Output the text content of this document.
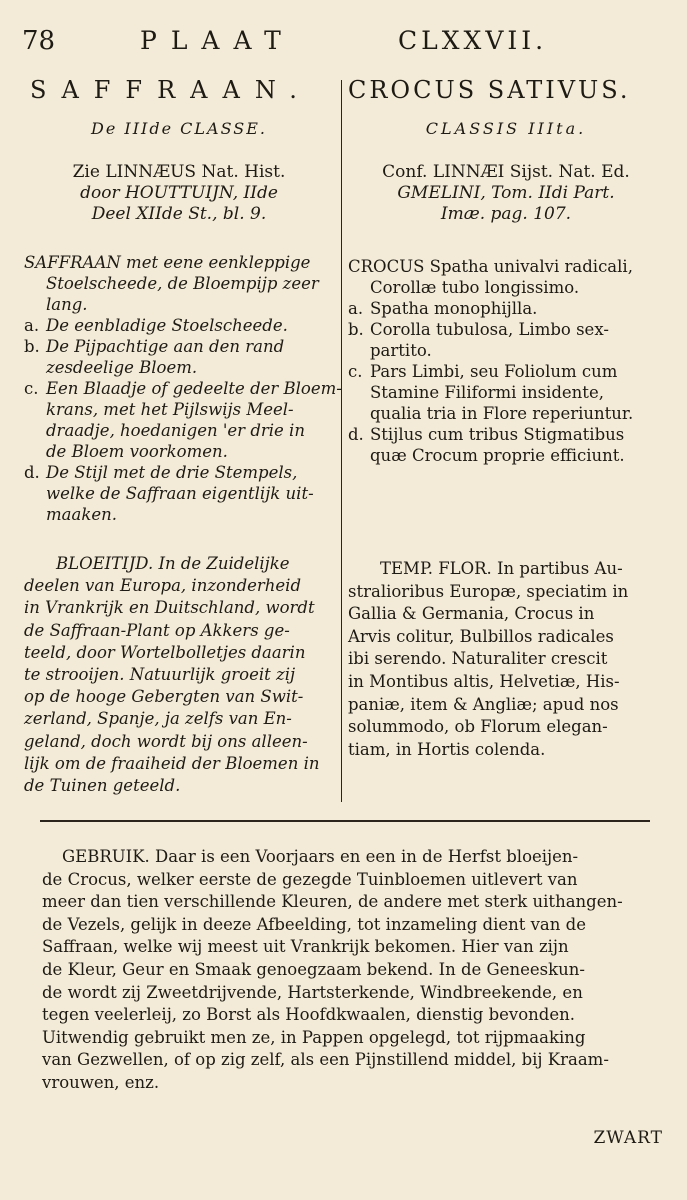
78	PLAAT	CLXXVII.
SAFFRAAN. CROCUS SATIVUS.
De IIIde CLASSE.	CLASSIS IIIta.
Zie LINNÆUS Nat. Hist.
door HOUTTUIJN, IIde
Deel XIIde St., bl. 9.
Conf. LINNÆI Sijst. Nat. Ed.
GMELINI, Tom. IIdi Part.
Imæ. pag. 107.
SAFFRAAN met eene eenkleppige
Stoelscheede, de Bloempijp zeer
lang.
a. De eenbladige Stoelscheede.
b. De Pijpachtige aan den rand
zesdeelige Bloem.
c. Een Blaadje of gedeelte der Bloem-
krans, met het Pijlswijs Meel-
draadje, hoedanigen 'er drie in
de Bloem voorkomen.
d. De Stijl met de drie Stempels,
welke de Saffraan eigentlijk uit-
maaken.
CROCUS Spatha univalvi radicali,
Corollæ tubo longissimo.
a. Spatha monophijlla.
b. Corolla tubulosa, Limbo sex-
partito.
c. Pars Limbi, seu Foliolum cum
Stamine Filiformi insidente,
qualia tria in Flore reperiuntur.
d. Stijlus cum tribus Stigmatibus
quæ Crocum proprie efficiunt.
BLOEITIJD. In de Zuidelijke
deelen van Europa, inzonderheid
in Vrankrijk en Duitschland, wordt
de Saffraan-Plant op Akkers ge-
teeld, door Wortelbolletjes daarin
te strooijen. Natuurlijk groeit zij
op de hooge Gebergten van Swit-
zerland, Spanje, ja zelfs van En-
geland, doch wordt bij ons alleen-
lijk om de fraaiheid der Bloemen in
de Tuinen geteeld.
TEMP. FLOR. In partibus Au-
stralioribus Europæ, speciatim in
Gallia & Germania, Crocus in
Arvis colitur, Bulbillos radicales
ibi serendo. Naturaliter crescit
in Montibus altis, Helvetiæ, His-
paniæ, item & Angliæ; apud nos
solummodo, ob Florum elegan-
tiam, in Hortis colenda.
GEBRUIK. Daar is een Voorjaars en een in de Herfst bloeijen-
de Crocus, welker eerste de gezegde Tuinbloemen uitlevert van
meer dan tien verschillende Kleuren, de andere met sterk uithangen-
de Vezels, gelijk in deeze Afbeelding, tot inzameling dient van de
Saffraan, welke wij meest uit Vrankrijk bekomen. Hier van zijn
de Kleur, Geur en Smaak genoegzaam bekend. In de Geneeskun-
de wordt zij Zweetdrijvende, Hartsterkende, Windbreekende, en
tegen veelerleij, zo Borst als Hoofdkwaalen, dienstig bevonden.
Uitwendig gebruikt men ze, in Pappen opgelegd, tot rijpmaaking
van Gezwellen, of op zig zelf, als een Pijnstillend middel, bij Kraam-
vrouwen, enz.
ZWART
